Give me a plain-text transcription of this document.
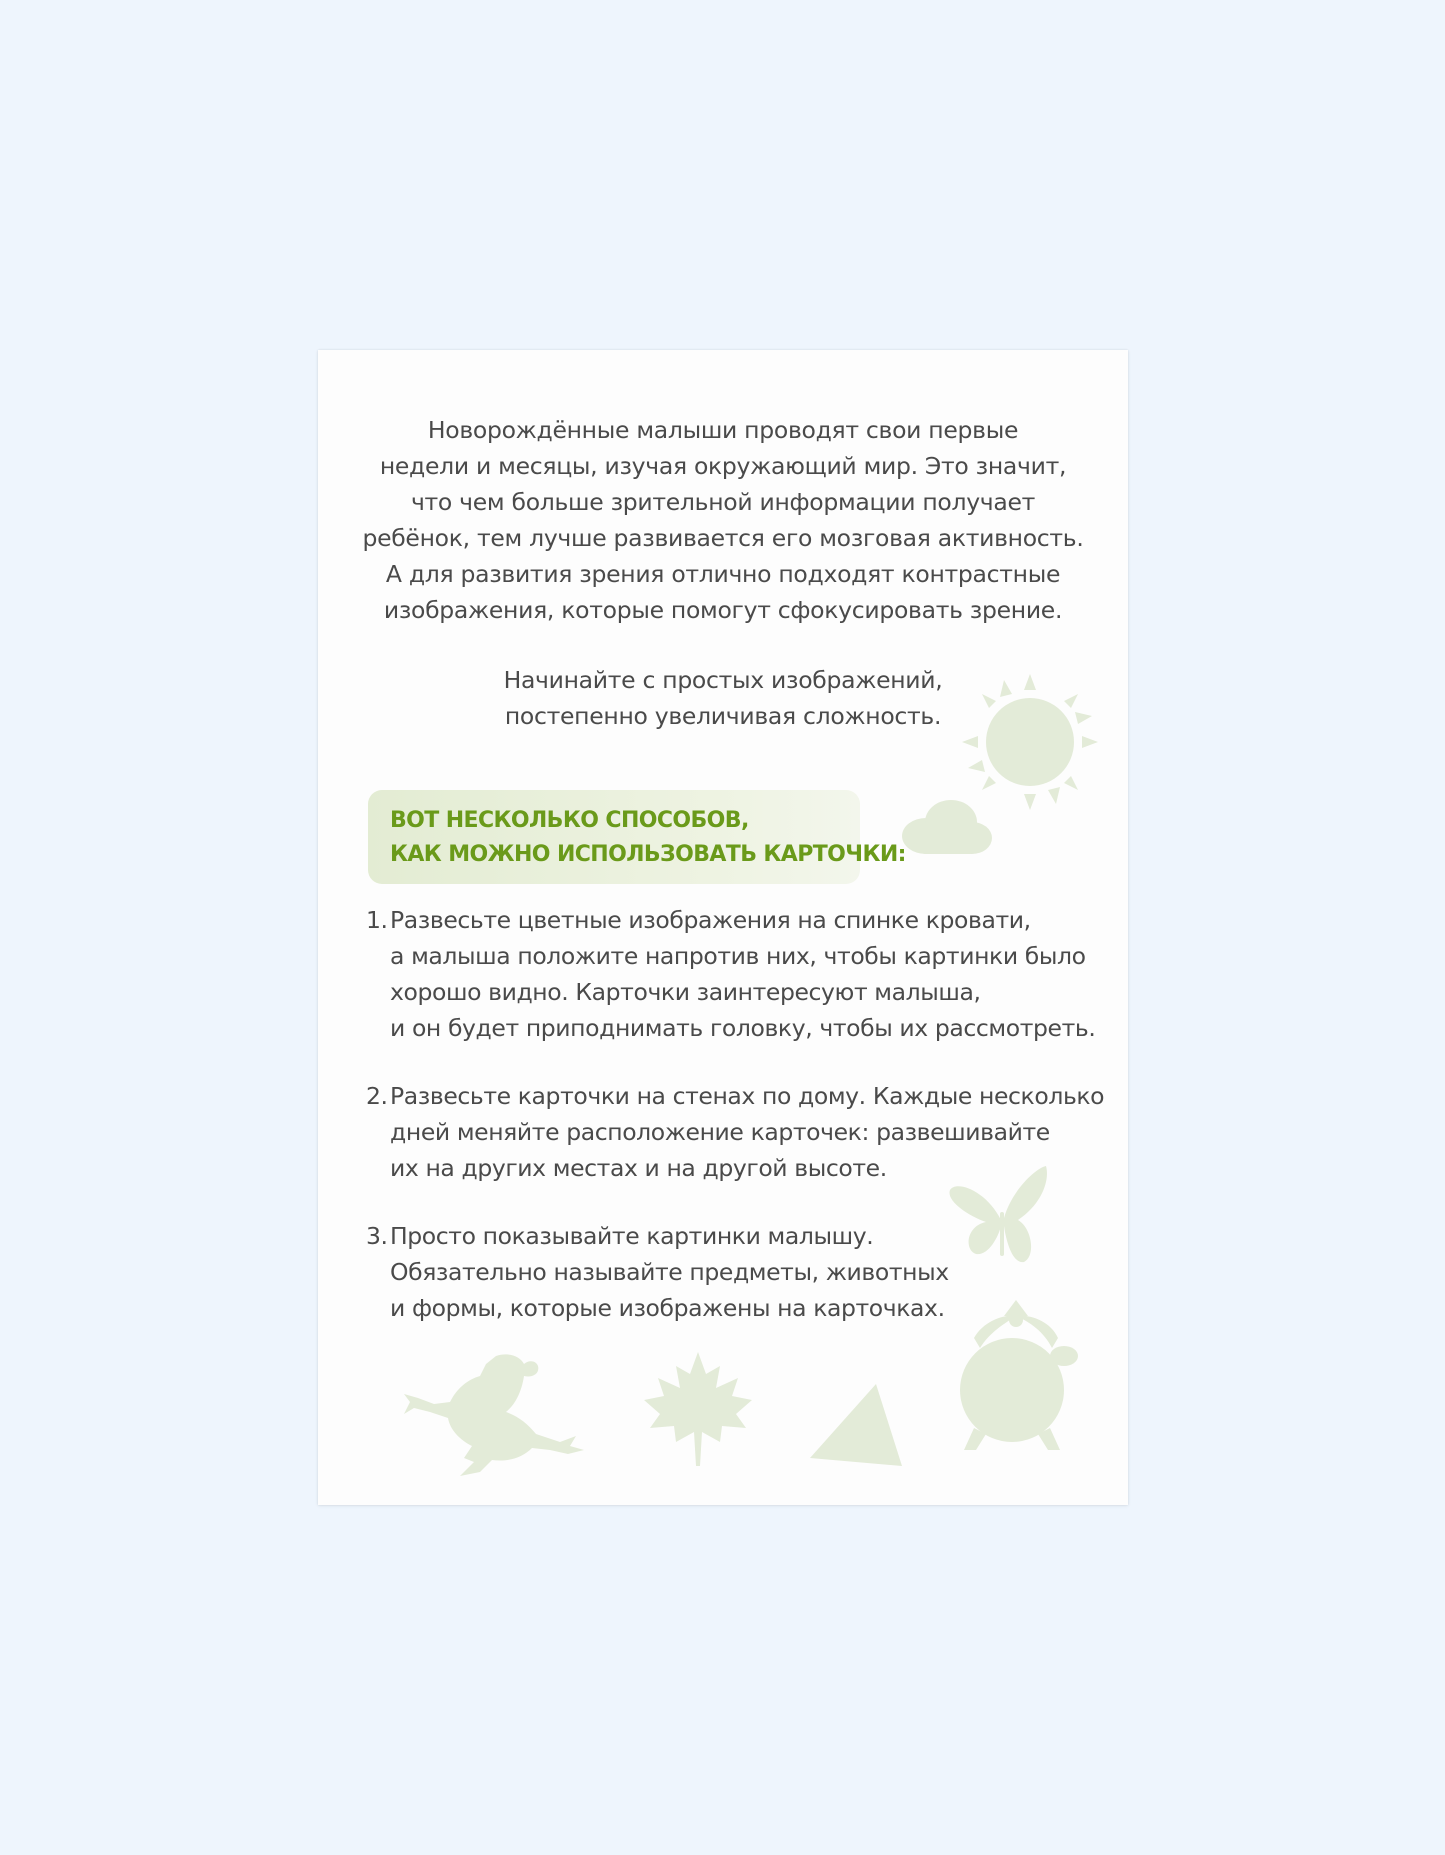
Новорождённые малыши проводят свои первые
недели и месяцы, изучая окружающий мир. Это значит,
что чем больше зрительной информации получает
ребёнок, тем лучше развивается его мозговая активность.
А для развития зрения отлично подходят контрастные
изображения, которые помогут сфокусировать зрение.
Начинайте с простых изображений,
постепенно увеличивая сложность.
ВОТ НЕСКОЛЬКО СПОСОБОВ,
КАК МОЖНО ИСПОЛЬЗОВАТЬ КАРТОЧКИ:
1. Развесьте цветные изображения на спинке кровати,
а малыша положите напротив них, чтобы картинки было
хорошо видно. Карточки заинтересуют малыша,
и он будет приподнимать головку, чтобы их рассмотреть.
2. Развесьте карточки на стенах по дому. Каждые несколько
дней меняйте расположение карточек: развешивайте
их на других местах и на другой высоте.
3. Просто показывайте картинки малышу.
Обязательно называйте предметы, животных
и формы, которые изображены на карточках.
